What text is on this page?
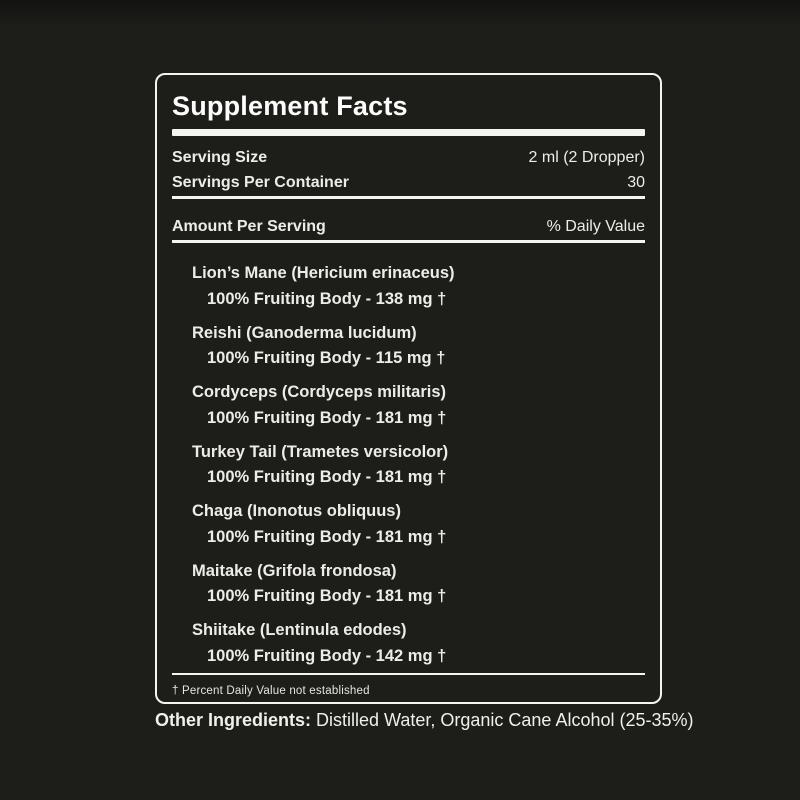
Supplement Facts
Serving Size	2 ml (2 Dropper)
Servings Per Container	30
Amount Per Serving	% Daily Value
Lion’s Mane (Hericium erinaceus)
100% Fruiting Body - 138 mg †
Reishi (Ganoderma lucidum)
100% Fruiting Body - 115 mg †
Cordyceps (Cordyceps militaris)
100% Fruiting Body - 181 mg †
Turkey Tail (Trametes versicolor)
100% Fruiting Body - 181 mg †
Chaga (Inonotus obliquus)
100% Fruiting Body - 181 mg †
Maitake (Grifola frondosa)
100% Fruiting Body - 181 mg †
Shiitake (Lentinula edodes)
100% Fruiting Body - 142 mg †
† Percent Daily Value not established

Other Ingredients: Distilled Water, Organic Cane Alcohol (25-35%)
